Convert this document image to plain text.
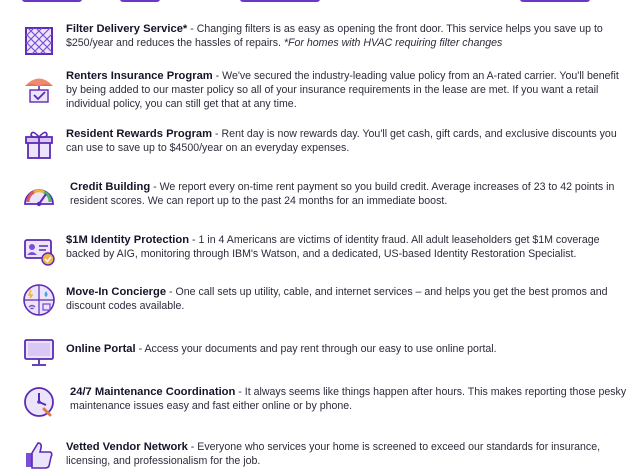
Filter Delivery Service* - Changing filters is as easy as opening the front door. This service helps you save up to $250/year and reduces the hassles of repairs. *For homes with HVAC requiring filter changes
Renters Insurance Program - We've secured the industry-leading value policy from an A-rated carrier. You'll benefit by being added to our master policy so all of your insurance requirements in the lease are met. If you want a retail individual policy, you can still get that at any time.
Resident Rewards Program - Rent day is now rewards day. You'll get cash, gift cards, and exclusive discounts you can use to save up to $4500/year on an everyday expenses.
Credit Building - We report every on-time rent payment so you build credit. Average increases of 23 to 42 points in resident scores. We can report up to the past 24 months for an immediate boost.
$1M Identity Protection - 1 in 4 Americans are victims of identity fraud. All adult leaseholders get $1M coverage backed by AIG, monitoring through IBM's Watson, and a dedicated, US-based Identity Restoration Specialist.
Move-In Concierge - One call sets up utility, cable, and internet services – and helps you get the best promos and discount codes available.
Online Portal - Access your documents and pay rent through our easy to use online portal.
24/7 Maintenance Coordination - It always seems like things happen after hours. This makes reporting those pesky maintenance issues easy and fast either online or by phone.
Vetted Vendor Network - Everyone who services your home is screened to exceed our standards for insurance, licensing, and professionalism for the job.
